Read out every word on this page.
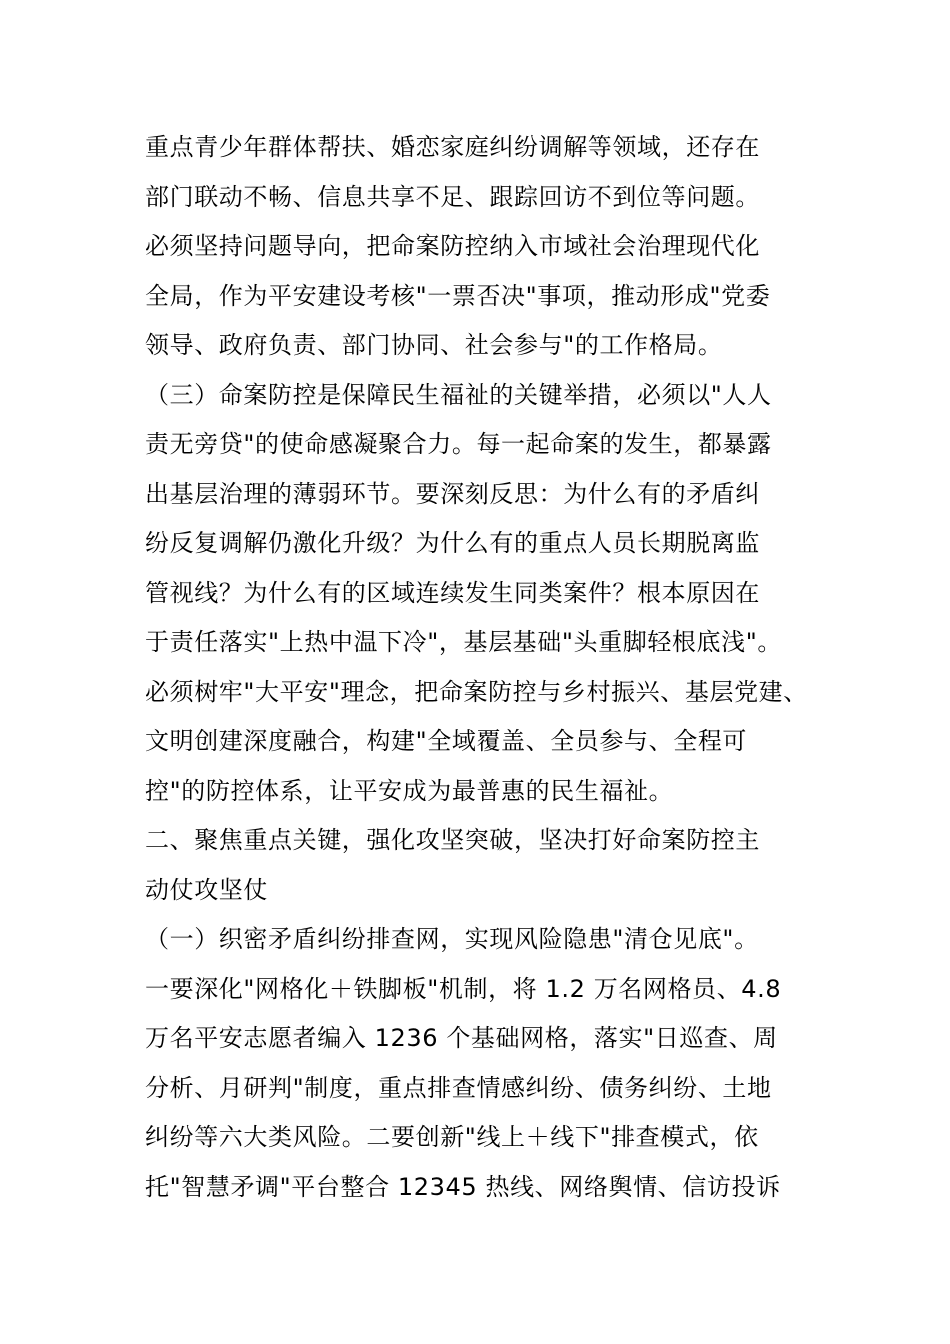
重点青少年群体帮扶、婚恋家庭纠纷调解等领域，还存在
部门联动不畅、信息共享不足、跟踪回访不到位等问题。
必须坚持问题导向，把命案防控纳入市域社会治理现代化
全局，作为平安建设考核"一票否决"事项，推动形成"党委
领导、政府负责、部门协同、社会参与"的工作格局。
（三）命案防控是保障民生福祉的关键举措，必须以"人人
责无旁贷"的使命感凝聚合力。每一起命案的发生，都暴露
出基层治理的薄弱环节。要深刻反思：为什么有的矛盾纠
纷反复调解仍激化升级？为什么有的重点人员长期脱离监
管视线？为什么有的区域连续发生同类案件？根本原因在
于责任落实"上热中温下冷"，基层基础"头重脚轻根底浅"。
必须树牢"大平安"理念，把命案防控与乡村振兴、基层党建、
文明创建深度融合，构建"全域覆盖、全员参与、全程可
控"的防控体系，让平安成为最普惠的民生福祉。
二、聚焦重点关键，强化攻坚突破，坚决打好命案防控主
动仗攻坚仗
（一）织密矛盾纠纷排查网，实现风险隐患"清仓见底"。
一要深化"网格化＋铁脚板"机制，将 1.2 万名网格员、4.8
万名平安志愿者编入 1236 个基础网格，落实"日巡查、周
分析、月研判"制度，重点排查情感纠纷、债务纠纷、土地
纠纷等六大类风险。二要创新"线上＋线下"排查模式，依
托"智慧矛调"平台整合 12345 热线、网络舆情、信访投诉
